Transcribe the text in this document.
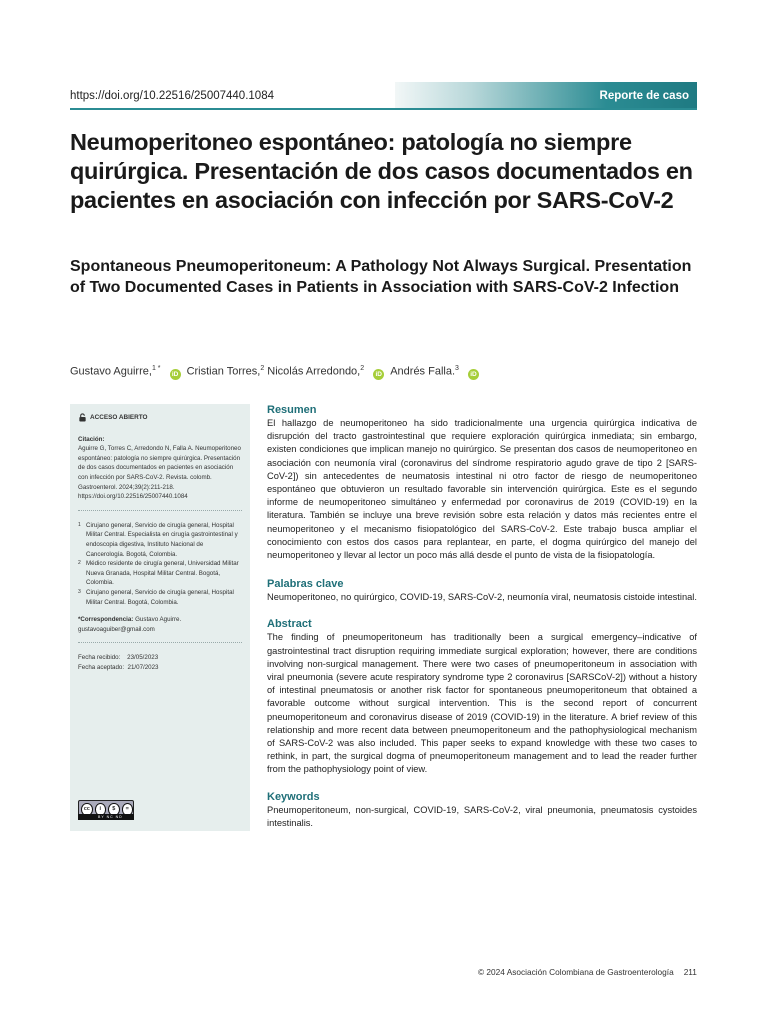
https://doi.org/10.22516/25007440.1084	Reporte de caso
Neumoperitoneo espontáneo: patología no siempre quirúrgica. Presentación de dos casos documentados en pacientes en asociación con infección por SARS-CoV-2
Spontaneous Pneumoperitoneum: A Pathology Not Always Surgical. Presentation of Two Documented Cases in Patients in Association with SARS-CoV-2 Infection
Gustavo Aguirre,$^{1 *}$ iD Cristian Torres,$^2$ Nicolás Arredondo,$^2$ iD Andrés Falla.$^3$ iD
ACCESO ABIERTO
Citación:
Aguirre G, Torres C, Arredondo N, Falla A. Neumoperitoneo espontáneo: patología no siempre quirúrgica. Presentación de dos casos documentados en pacientes en asociación con infección por SARS-CoV-2. Revista. colomb. Gastroenterol. 2024;39(2):211-218. https://doi.org/10.22516/25007440.1084
1 Cirujano general, Servicio de cirugía general, Hospital Militar Central. Especialista en cirugía gastrointestinal y endoscopia digestiva, Instituto Nacional de Cancerología. Bogotá, Colombia.
2 Médico residente de cirugía general, Universidad Militar Nueva Granada, Hospital Militar Central. Bogotá, Colombia.
3 Cirujano general, Servicio de cirugía general, Hospital Militar Central. Bogotá, Colombia.
*Correspondencia: Gustavo Aguirre. gustavoaguiber@gmail.com
Fecha recibido:    23/05/2023
Fecha aceptado:  21/07/2023
cc	i	$	=
BY NC ND
Resumen

El hallazgo de neumoperitoneo ha sido tradicionalmente una urgencia quirúrgica indicativa de disrupción del tracto gastrointestinal que requiere exploración quirúrgica inmediata; sin embargo, existen condiciones que implican manejo no quirúrgico. Se presentan dos casos de neumoperitoneo en asociación con neumonía viral (coronavirus del síndrome respiratorio agudo grave de tipo 2 [SARS-CoV-2]) sin antecedentes de neumatosis intestinal ni otro factor de riesgo de neumoperitoneo espontáneo que obtuvieron un resultado favorable sin intervención quirúrgica. Este es el segundo informe de neumoperitoneo simultáneo y enfermedad por coronavirus de 2019 (COVID-19) en la literatura. También se incluye una breve revisión sobre esta relación y datos más recientes entre el neumoperitoneo y el mecanismo fisiopatológico del SARS-CoV-2. Este trabajo busca ampliar el conocimiento con estos dos casos para replantear, en parte, el dogma quirúrgico del manejo del neumoperitoneo y llevar al lector un poco más allá desde el punto de vista de la fisiopatología.

Palabras clave

Neumoperitoneo, no quirúrgico, COVID-19, SARS-CoV-2, neumonía viral, neumatosis cistoide intestinal.

Abstract

The finding of pneumoperitoneum has traditionally been a surgical emergency–indicative of gastrointestinal tract disruption requiring immediate surgical exploration; however, there are conditions involving non-surgical management. There were two cases of pneumoperitoneum in association with viral pneumonia (severe acute respiratory syndrome type 2 coronavirus [SARSCoV-2]) without a history of intestinal pneumatosis or another risk factor for spontaneous pneumoperitoneum that obtained a favorable outcome without surgical intervention. This is the second report of concurrent pneumoperitoneum and coronavirus disease of 2019 (COVID-19) in the literature. A brief review of this relationship and more recent data between pneumoperitoneum and the pathophysiological mechanism of SARS-CoV-2 was also included. This paper seeks to expand knowledge with these two cases to rethink, in part, the surgical dogma of pneumoperitoneum management and to lead the reader further from the pathophysiology point of view.

Keywords

Pneumoperitoneum, non-surgical, COVID-19, SARS-CoV-2, viral pneumonia, pneumatosis cystoides intestinalis.

© 2024 Asociación Colombiana de Gastroenterología 211
